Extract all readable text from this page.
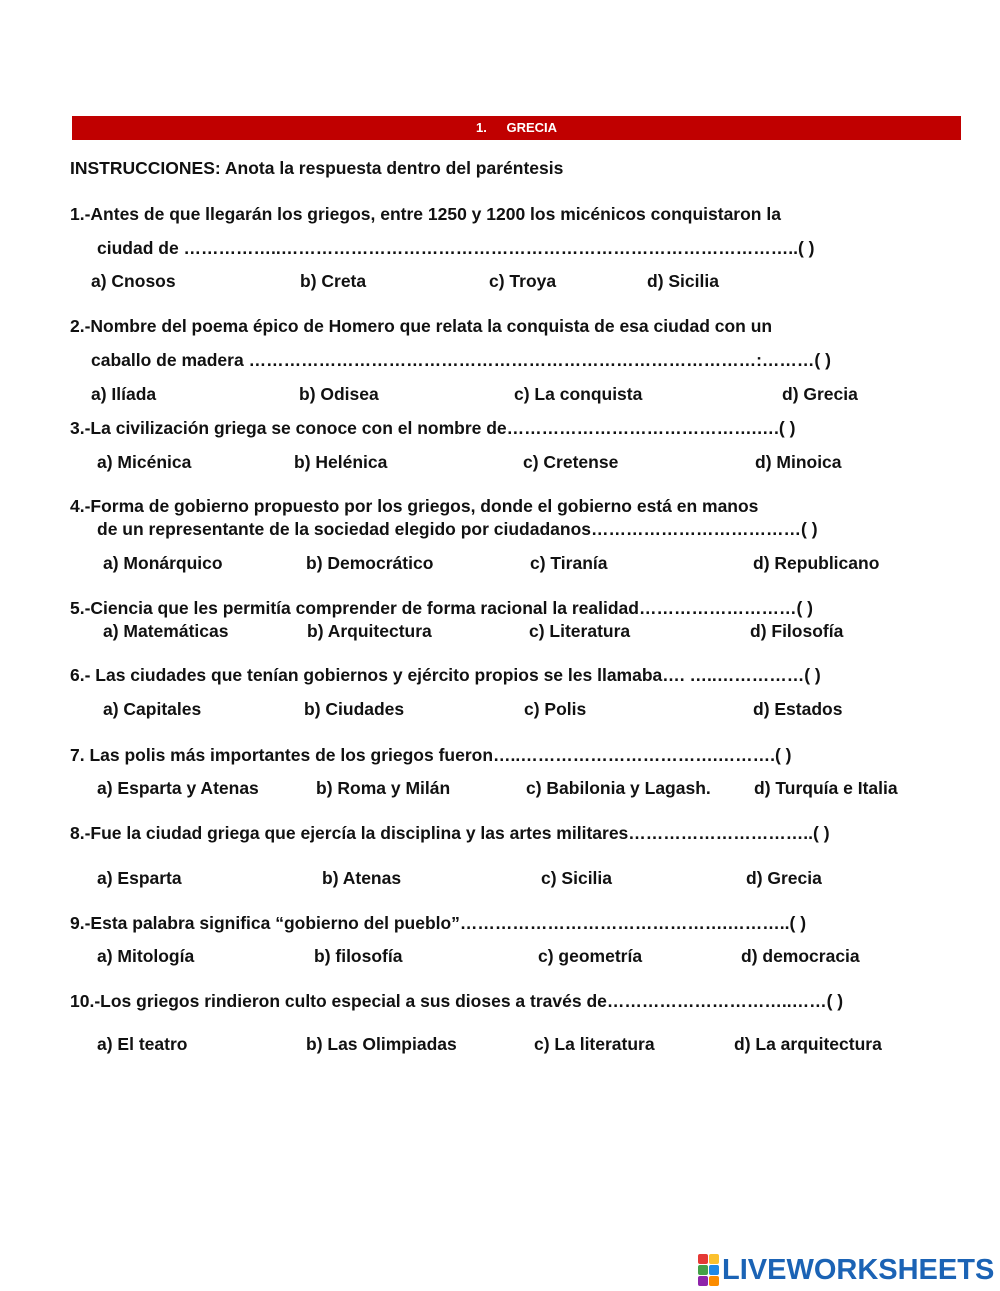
1. GRECIA
INSTRUCCIONES: Anota la respuesta dentro del paréntesis
1.-Antes de que llegarán los griegos, entre 1250 y 1200 los micénicos conquistaron la
ciudad de ……………..……………………………………………………………………………..( )
a) Cnosos	b) Creta	c) Troya	d) Sicilia
2.-Nombre del poema épico de Homero que relata la conquista de esa ciudad con un
caballo de madera ……………………………………………………………………………:………( )
a) Ilíada	b) Odisea	c) La conquista	d) Grecia
3.-La civilización griega se conoce con el nombre de…………………………………….….( )
a) Micénica	b) Helénica	c) Cretense	d) Minoica
4.-Forma de gobierno propuesto por los griegos, donde el gobierno está en manos
de un representante de la sociedad elegido por ciudadanos………………………………( )
a) Monárquico	b) Democrático	c) Tiranía	d) Republicano
5.-Ciencia que les permitía comprender de forma racional la realidad………………………( )
a) Matemáticas	b) Arquitectura	c) Literatura	d) Filosofía
6.- Las ciudades que tenían gobiernos y ejército propios se les llamaba…. …..……………( )
a) Capitales	b) Ciudades	c) Polis	d) Estados
7. Las polis más importantes de los griegos fueron…..…………………………….……….( )
a) Esparta y Atenas	b) Roma y Milán	c) Babilonia y Lagash. d) Turquía e Italia
8.-Fue la ciudad griega que ejercía la disciplina y las artes militares…………………………..( )
a) Esparta	b) Atenas	c) Sicilia	d) Grecia
9.-Esta palabra significa “gobierno del pueblo”……………………………………….………..( )
a) Mitología	b) filosofía	c) geometría	d) democracia
10.-Los griegos rindieron culto especial a sus dioses a través de…………………………..……( )
a) El teatro	b) Las Olimpiadas	c) La literatura	d) La arquitectura
LIVEWORKSHEETS
